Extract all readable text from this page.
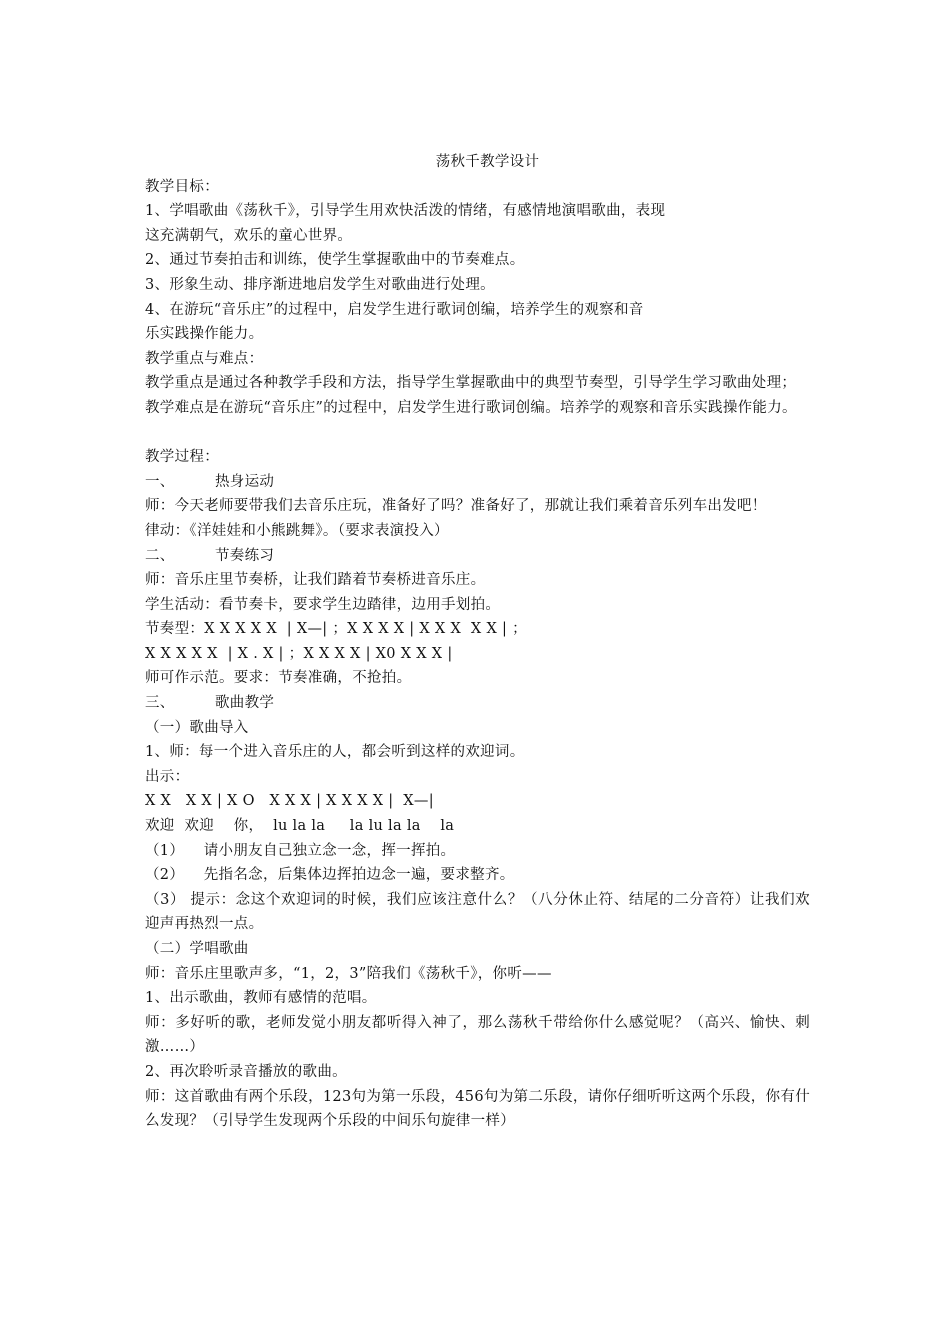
荡秋千教学设计
教学目标：
1、学唱歌曲《荡秋千》，引导学生用欢快活泼的情绪，有感情地演唱歌曲，表现
这充满朝气，欢乐的童心世界。
2、通过节奏拍击和训练，使学生掌握歌曲中的节奏难点。
3、形象生动、排序渐进地启发学生对歌曲进行处理。
4、在游玩“音乐庄”的过程中，启发学生进行歌词创编，培养学生的观察和音
乐实践操作能力。
教学重点与难点：
教学重点是通过各种教学手段和方法，指导学生掌握歌曲中的典型节奏型，引导学生学习歌曲处理；
教学难点是在游玩“音乐庄”的过程中，启发学生进行歌词创编。培养学的观察和音乐实践操作能力。
教学过程：
一、	热身运动
师：今天老师要带我们去音乐庄玩，准备好了吗？准备好了，那就让我们乘着音乐列车出发吧！
律动：《洋娃娃和小熊跳舞》。（要求表演投入）
二、	节奏练习
师：音乐庄里节奏桥，让我们踏着节奏桥进音乐庄。
学生活动：看节奏卡，要求学生边踏律，边用手划拍。
节奏型：X X X X X  | X—| ；X X X X | X X X  X X | ；
X X X X X  | X . X | ；X X X X | X0 X X X |
师可作示范。要求：节奏准确，不抢拍。
三、	歌曲教学
（一）歌曲导入
1、师：每一个进入音乐庄的人，都会听到这样的欢迎词。
出示：
X X   X X | X O   X X X | X X X X |  X—|
欢迎  欢迎    你，  lu la la     la lu la la    la
（1）    请小朋友自己独立念一念，挥一挥拍。
（2）    先指名念，后集体边挥拍边念一遍，要求整齐。
（3） 提示：念这个欢迎词的时候，我们应该注意什么？（八分休止符、结尾的二分音符）让我们欢迎声再热烈一点。
（二）学唱歌曲
师：音乐庄里歌声多，“1，2，3”陪我们《荡秋千》，你听——
1、出示歌曲，教师有感情的范唱。
师：多好听的歌，老师发觉小朋友都听得入神了，那么荡秋千带给你什么感觉呢？（高兴、愉快、刺激……）
2、再次聆听录音播放的歌曲。
师：这首歌曲有两个乐段，123句为第一乐段，456句为第二乐段，请你仔细听听这两个乐段，你有什么发现？（引导学生发现两个乐段的中间乐句旋律一样）
